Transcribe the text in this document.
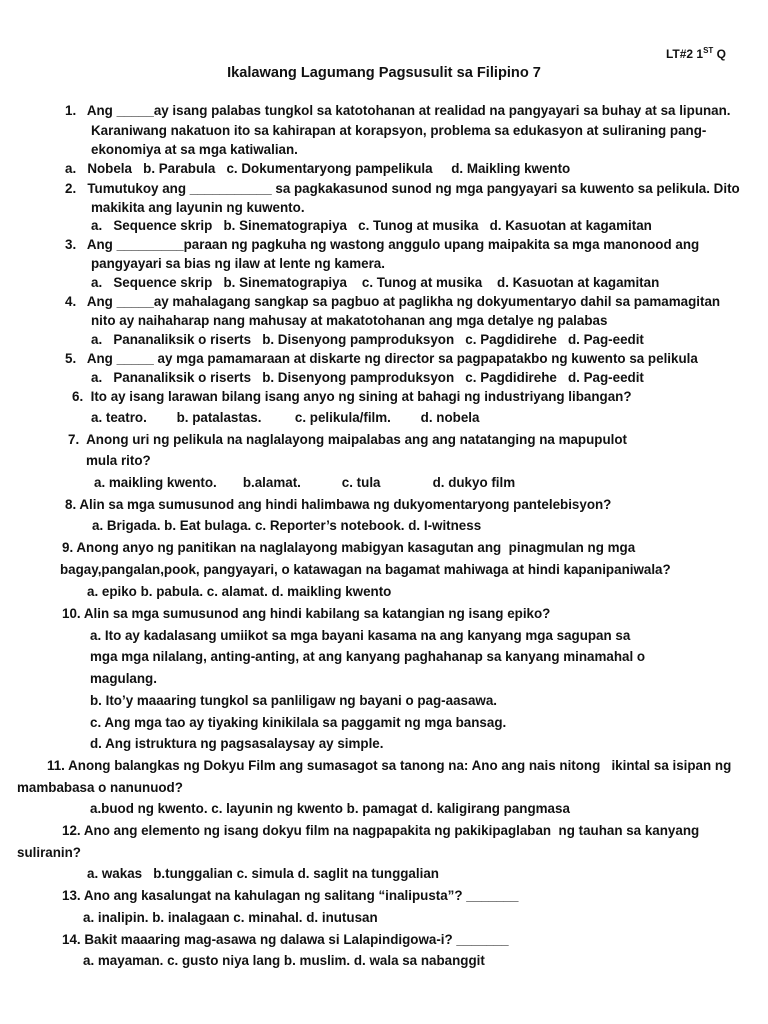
LT#2 1ST Q
Ikalawang Lagumang Pagsusulit sa Filipino 7
1.   Ang _____ay isang palabas tungkol sa katotohanan at realidad na pangyayari sa buhay at sa lipunan.
Karaniwang nakatuon ito sa kahirapan at korapsyon, problema sa edukasyon at suliraning pang-
ekonomiya at sa mga katiwalian.
a.   Nobela   b. Parabula   c. Dokumentaryong pampelikula     d. Maikling kwento
2.   Tumutukoy ang ___________ sa pagkakasunod sunod ng mga pangyayari sa kuwento sa pelikula. Dito
makikita ang layunin ng kuwento.
a.   Sequence skrip   b. Sinematograpiya   c. Tunog at musika   d. Kasuotan at kagamitan
3.   Ang _________paraan ng pagkuha ng wastong anggulo upang maipakita sa mga manonood ang
pangyayari sa bias ng ilaw at lente ng kamera.
a.   Sequence skrip   b. Sinematograpiya    c. Tunog at musika    d. Kasuotan at kagamitan
4.   Ang _____ay mahalagang sangkap sa pagbuo at paglikha ng dokyumentaryo dahil sa pamamagitan
nito ay naihaharap nang mahusay at makatotohanan ang mga detalye ng palabas
a.   Pananaliksik o riserts   b. Disenyong pamproduksyon   c. Pagdidirehe   d. Pag-eedit
5.   Ang _____ ay mga pamamaraan at diskarte ng director sa pagpapatakbo ng kuwento sa pelikula
a.   Pananaliksik o riserts   b. Disenyong pamproduksyon   c. Pagdidirehe   d. Pag-eedit
6.  Ito ay isang larawan bilang isang anyo ng sining at bahagi ng industriyang libangan?
a. teatro.        b. patalastas.         c. pelikula/film.        d. nobela
7.  Anong uri ng pelikula na naglalayong maipalabas ang ang natatanging na mapupulot
mula rito?
a. maikling kwento.       b.alamat.           c. tula              d. dukyo film
8. Alin sa mga sumusunod ang hindi halimbawa ng dukyomentaryong pantelebisyon?
a. Brigada. b. Eat bulaga. c. Reporter’s notebook. d. I-witness
9. Anong anyo ng panitikan na naglalayong mabigyan kasagutan ang  pinagmulan ng mga
bagay,pangalan,pook, pangyayari, o katawagan na bagamat mahiwaga at hindi kapanipaniwala?
a. epiko b. pabula. c. alamat. d. maikling kwento
10. Alin sa mga sumusunod ang hindi kabilang sa katangian ng isang epiko?
a. Ito ay kadalasang umiikot sa mga bayani kasama na ang kanyang mga sagupan sa
mga mga nilalang, anting-anting, at ang kanyang paghahanap sa kanyang minamahal o
magulang.
b. Ito’y maaaring tungkol sa panliligaw ng bayani o pag-aasawa.
c. Ang mga tao ay tiyaking kinikilala sa paggamit ng mga bansag.
d. Ang istruktura ng pagsasalaysay ay simple.
11. Anong balangkas ng Dokyu Film ang sumasagot sa tanong na: Ano ang nais nitong   ikintal sa isipan ng
mambabasa o nanunuod?
a.buod ng kwento. c. layunin ng kwento b. pamagat d. kaligirang pangmasa
12. Ano ang elemento ng isang dokyu film na nagpapakita ng pakikipaglaban  ng tauhan sa kanyang
suliranin?
a. wakas   b.tunggalian c. simula d. saglit na tunggalian
13. Ano ang kasalungat na kahulagan ng salitang “inalipusta”? _______
a. inalipin. b. inalagaan c. minahal. d. inutusan
14. Bakit maaaring mag-asawa ng dalawa si Lalapindigowa-i? _______
a. mayaman. c. gusto niya lang b. muslim. d. wala sa nabanggit
